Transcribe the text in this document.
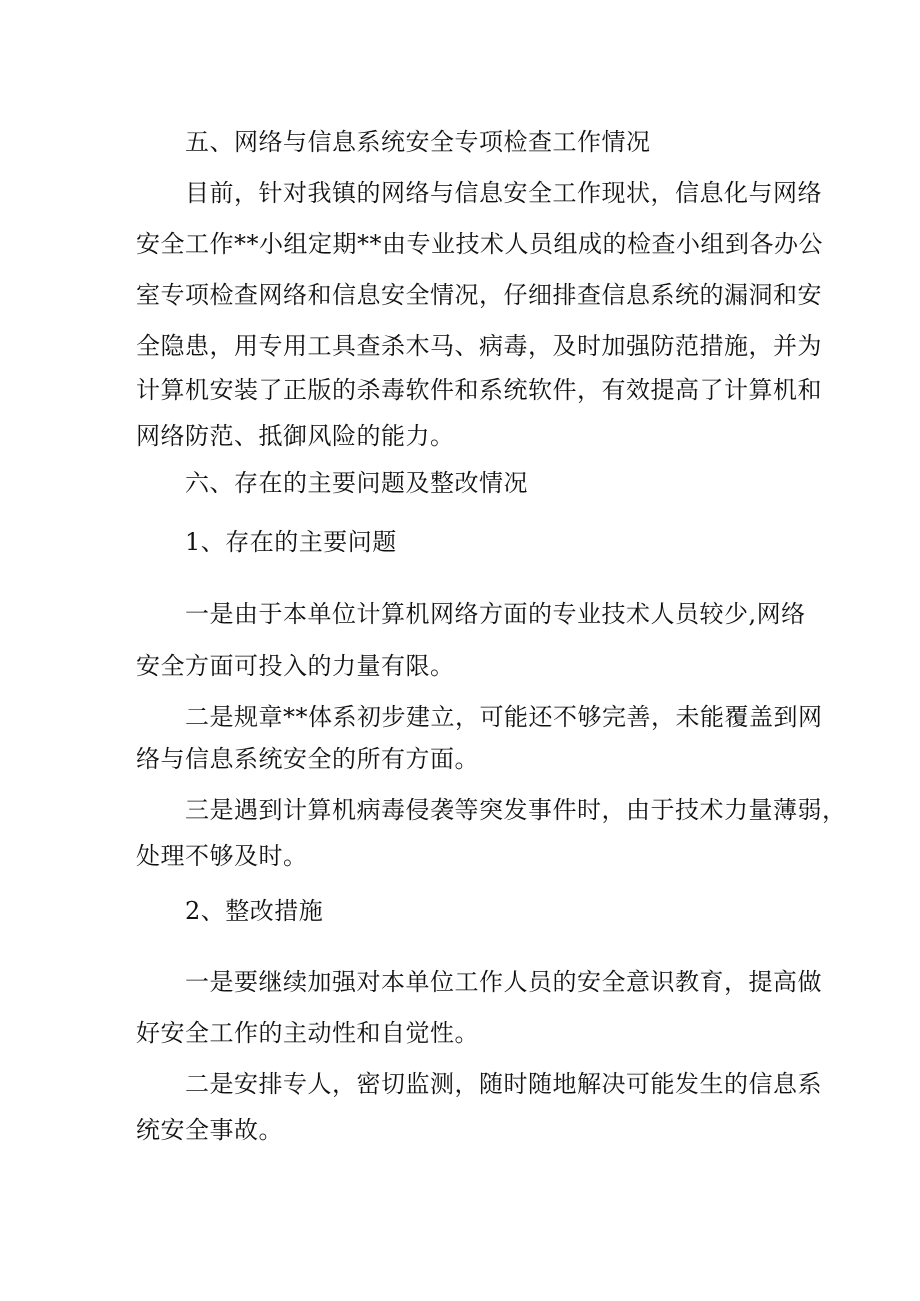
五、网络与信息系统安全专项检查工作情况
目前，针对我镇的网络与信息安全工作现状，信息化与网络
安全工作**小组定期**由专业技术人员组成的检查小组到各办公
室专项检查网络和信息安全情况，仔细排查信息系统的漏洞和安
全隐患，用专用工具查杀木马、病毒，及时加强防范措施，并为
计算机安装了正版的杀毒软件和系统软件，有效提高了计算机和
网络防范、抵御风险的能力。
六、存在的主要问题及整改情况
1、存在的主要问题
一是由于本单位计算机网络方面的专业技术人员较少,网络
安全方面可投入的力量有限。
二是规章**体系初步建立，可能还不够完善，未能覆盖到网
络与信息系统安全的所有方面。
三是遇到计算机病毒侵袭等突发事件时，由于技术力量薄弱，
处理不够及时。
2、整改措施
一是要继续加强对本单位工作人员的安全意识教育，提高做
好安全工作的主动性和自觉性。
二是安排专人，密切监测，随时随地解决可能发生的信息系
统安全事故。
